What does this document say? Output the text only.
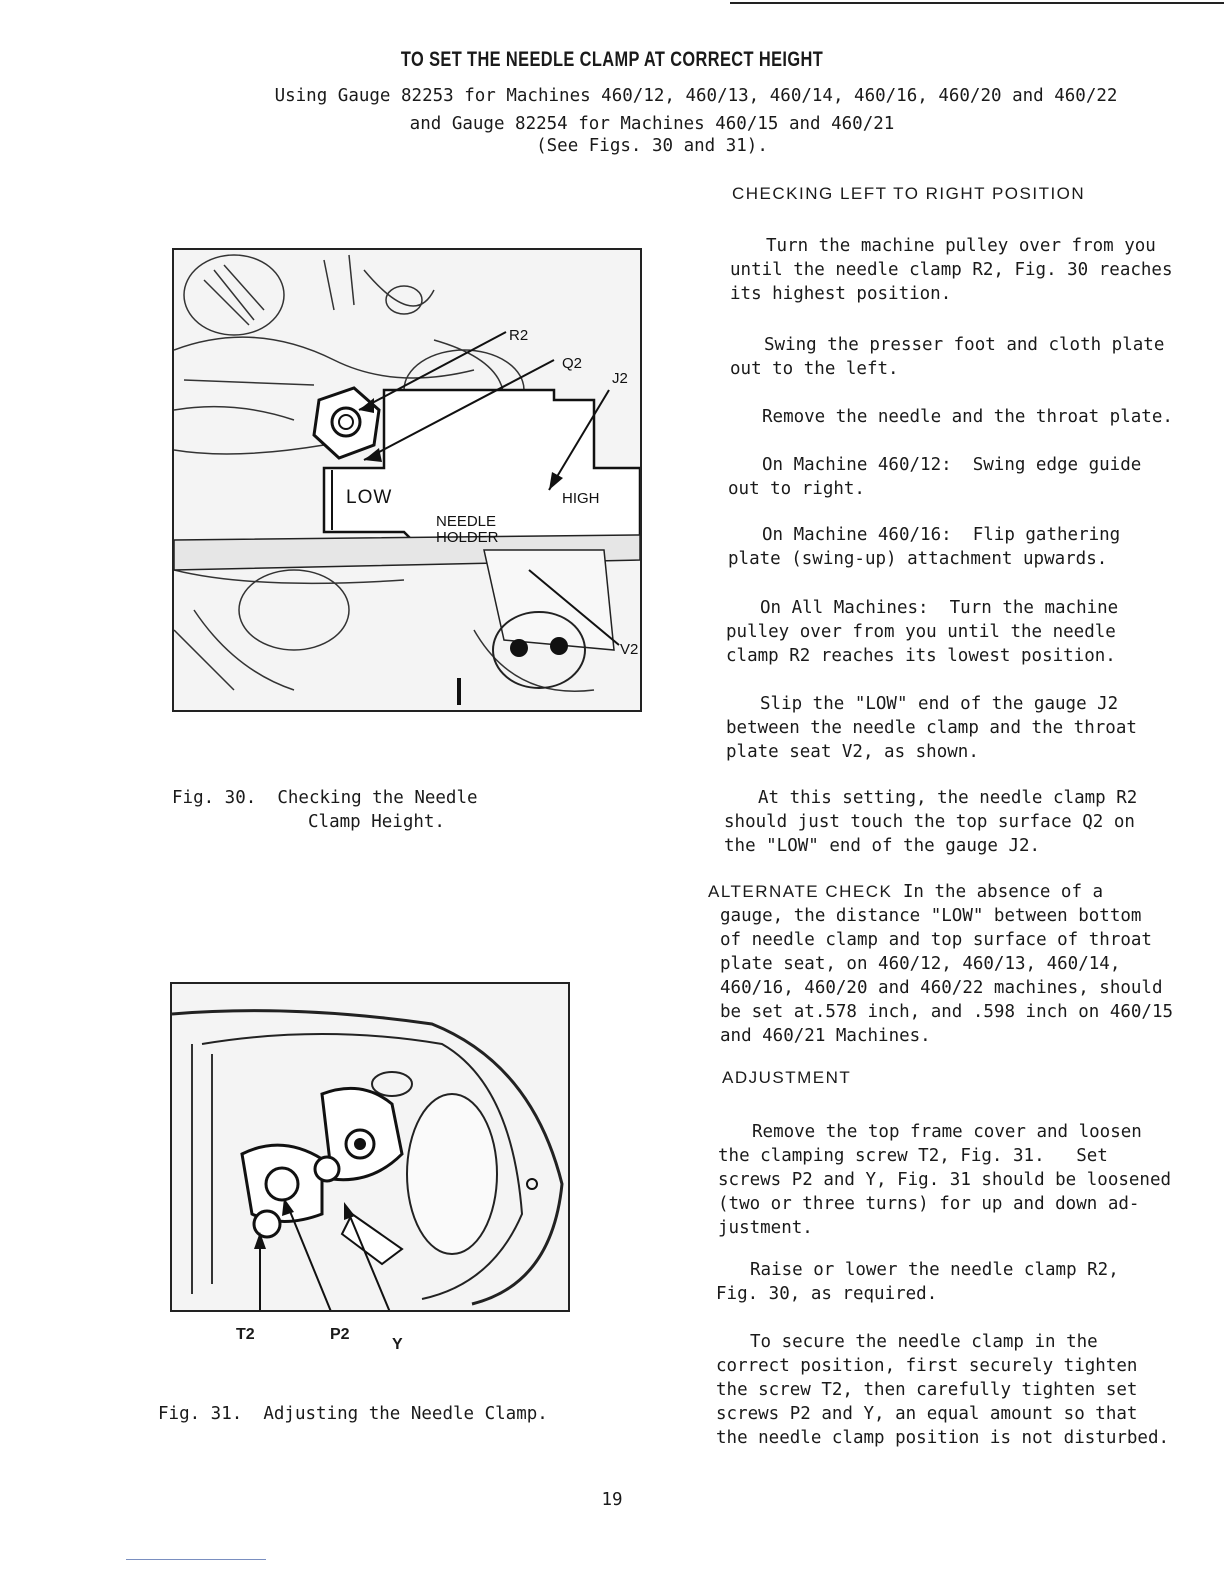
TO SET THE NEEDLE CLAMP AT CORRECT HEIGHT
Using Gauge 82253 for Machines 460/12, 460/13, 460/14, 460/16, 460/20 and 460/22
and Gauge 82254 for Machines 460/15 and 460/21
(See Figs. 30 and 31).
R2
Q2
J2
LOW	HIGH
NEEDLE
HOLDER
V2
Fig. 30.  Checking the Needle
Clamp Height.
T2	P2
Y
Fig. 31.  Adjusting the Needle Clamp.
CHECKING LEFT TO RIGHT POSITION

Turn the machine pulley over from you

until the needle clamp R2, Fig. 30 reaches

its highest position.

Swing the presser foot and cloth plate

out to the left.

Remove the needle and the throat plate.

On Machine 460/12:  Swing edge guide

out to right.

On Machine 460/16:  Flip gathering

plate (swing-up) attachment upwards.

On All Machines:  Turn the machine

pulley over from you until the needle

clamp R2 reaches its lowest position.

Slip the "LOW" end of the gauge J2

between the needle clamp and the throat

plate seat V2, as shown.

At this setting, the needle clamp R2

should just touch the top surface Q2 on

the "LOW" end of the gauge J2.

ALTERNATE CHECK In the absence of a

gauge, the distance "LOW" between bottom

of needle clamp and top surface of throat

plate seat, on 460/12, 460/13, 460/14,

460/16, 460/20 and 460/22 machines, should

be set at.578 inch, and .598 inch on 460/15

and 460/21 Machines.

ADJUSTMENT

Remove the top frame cover and loosen

the clamping screw T2, Fig. 31.   Set

screws P2 and Y, Fig. 31 should be loosened

(two or three turns) for up and down ad-

justment.

Raise or lower the needle clamp R2,

Fig. 30, as required.

To secure the needle clamp in the

correct position, first securely tighten

the screw T2, then carefully tighten set

screws P2 and Y, an equal amount so that

the needle clamp position is not disturbed.

19
